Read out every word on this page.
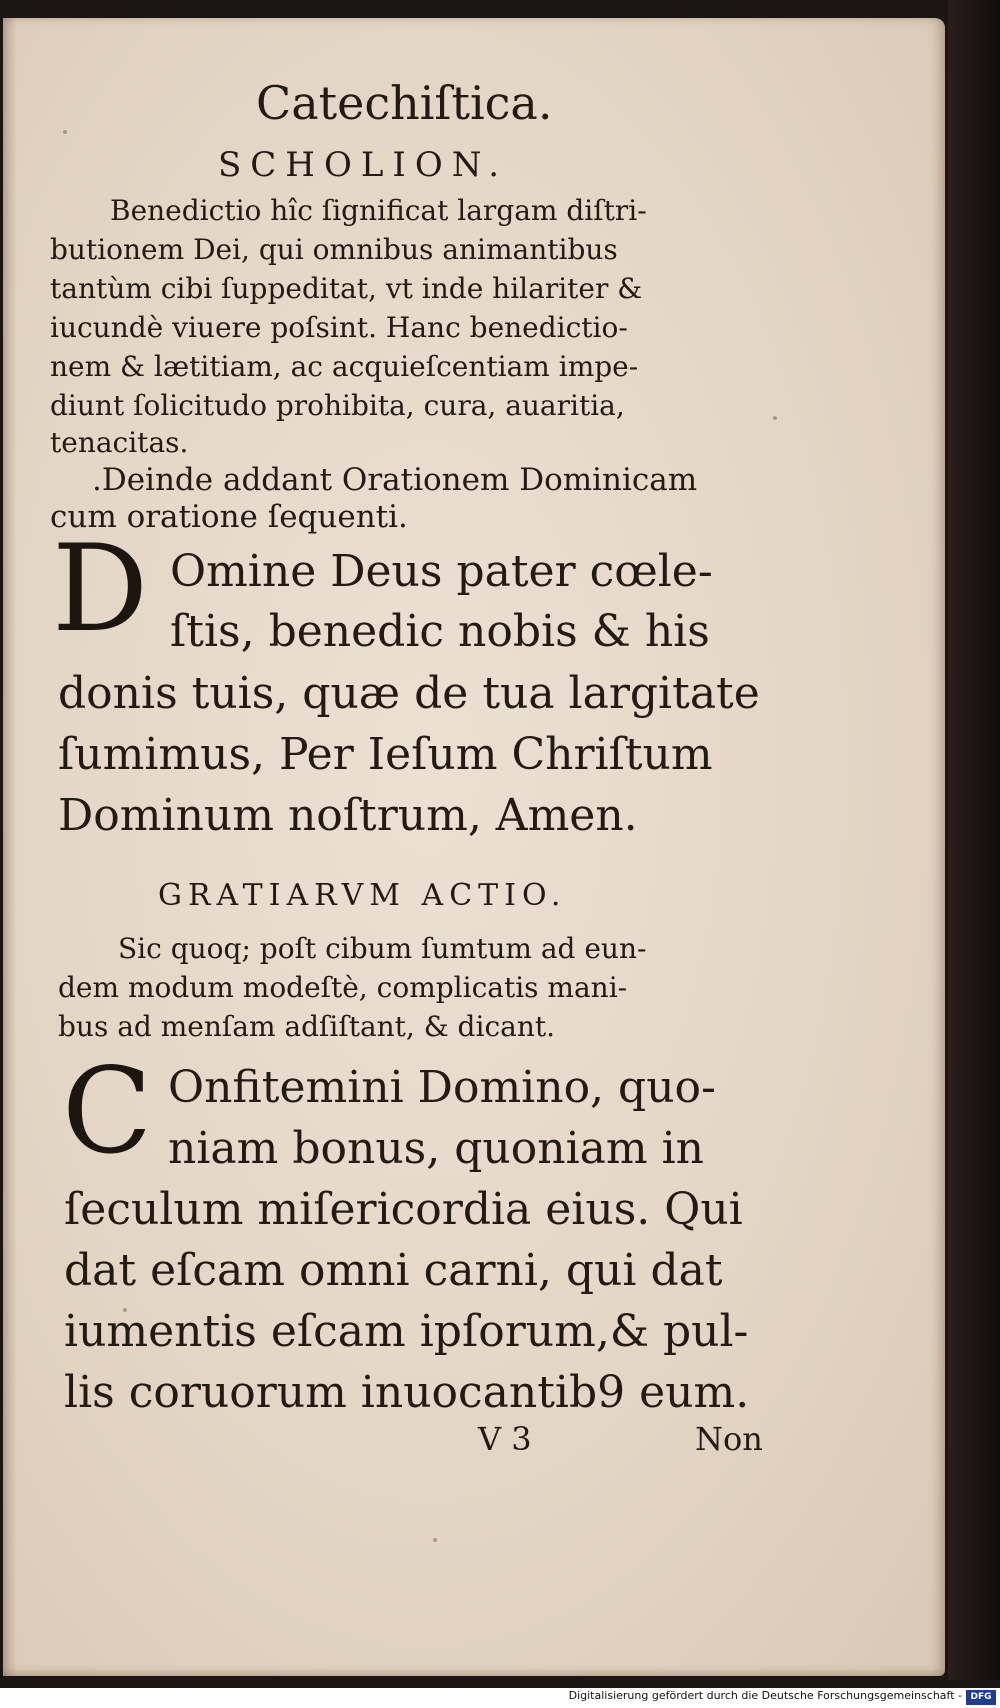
Catechiſtica.
SCHOLION.
Benedictio hîc ſignificat largam diſtri-
butionem Dei, qui omnibus animantibus
tantùm cibi ſuppeditat, vt inde hilariter &
iucundè viuere poſsint. Hanc benedictio-
nem & lætitiam, ac acquieſcentiam impe-
diunt ſolicitudo prohibita, cura, auaritia,
tenacitas.
.Deinde addant Orationem Dominicam
cum oratione ſequenti.
D Omine Deus pater cœle-
ſtis, benedic nobis & his
donis tuis, quæ de tua largitate
ſumimus, Per Ieſum Chriſtum
Dominum noſtrum, Amen.
GRATIARVM ACTIO.
Sic quoq; poſt cibum ſumtum ad eun-
dem modum modeſtè, complicatis mani-
bus ad menſam adſiſtant, & dicant.
C Onfitemini Domino, quo-
niam bonus, quoniam in
ſeculum miſericordia eius. Qui
dat eſcam omni carni, qui dat
iumentis eſcam ipſorum,& pul-
lis coruorum inuocantib9 eum.
V 3	Non
Digitalisierung gefördert durch die Deutsche Forschungsgemeinschaft - DFG
